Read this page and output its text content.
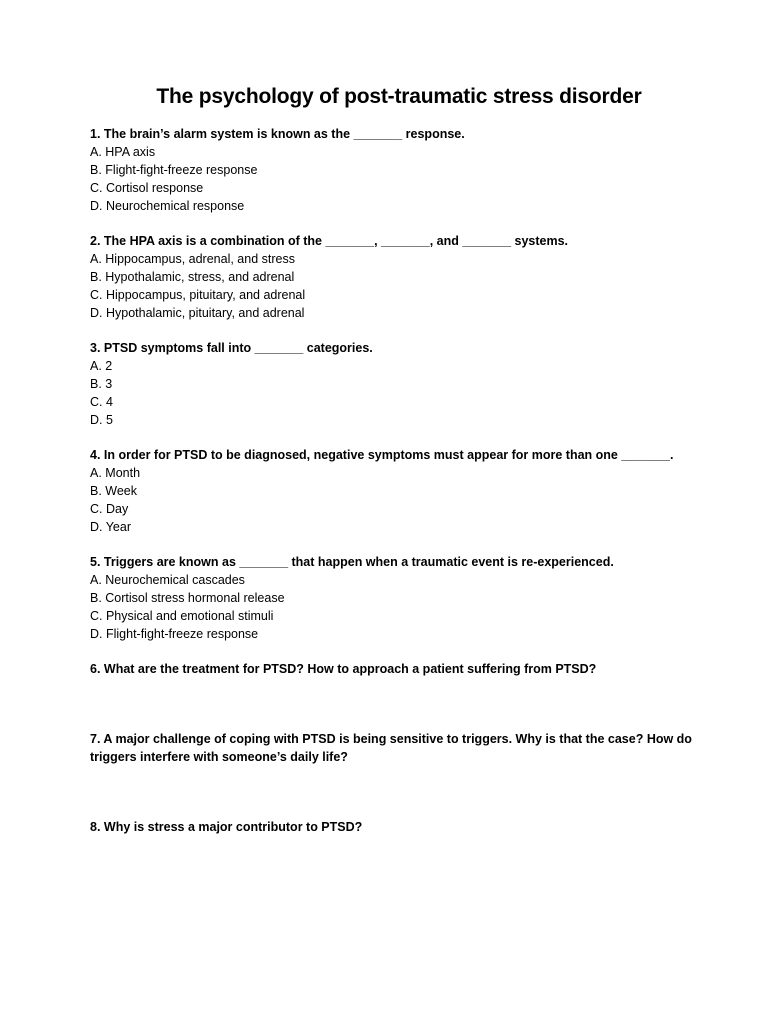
The psychology of post-traumatic stress disorder

1. The brain’s alarm system is known as the _______ response.

A. HPA axis

B. Flight-fight-freeze response

C. Cortisol response

D. Neurochemical response

2. The HPA axis is a combination of the _______, _______, and _______ systems.

A. Hippocampus, adrenal, and stress

B. Hypothalamic, stress, and adrenal

C. Hippocampus, pituitary, and adrenal

D. Hypothalamic, pituitary, and adrenal

3. PTSD symptoms fall into _______ categories.

A. 2

B. 3

C. 4

D. 5

4. In order for PTSD to be diagnosed, negative symptoms must appear for more than one _______.

A. Month

B. Week

C. Day

D. Year

5. Triggers are known as _______ that happen when a traumatic event is re-experienced.

A. Neurochemical cascades

B. Cortisol stress hormonal release

C. Physical and emotional stimuli

D. Flight-fight-freeze response

6. What are the treatment for PTSD? How to approach a patient suffering from PTSD?

7. A major challenge of coping with PTSD is being sensitive to triggers. Why is that the case? How do triggers interfere with someone’s daily life?

8. Why is stress a major contributor to PTSD?
